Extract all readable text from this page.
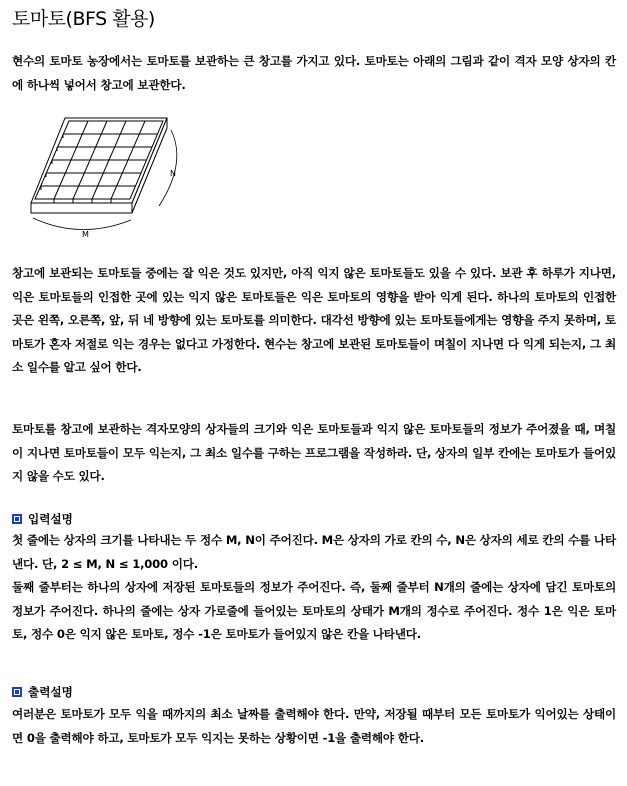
토마토(BFS 활용)

현수의 토마토 농장에서는 토마토를 보관하는 큰 창고를 가지고 있다. 토마토는 아래의 그림과 같이 격자 모양 상자의 칸에 하나씩 넣어서 창고에 보관한다.

M
N

창고에 보관되는 토마토들 중에는 잘 익은 것도 있지만, 아직 익지 않은 토마토들도 있을 수 있다. 보관 후 하루가 지나면, 익은 토마토들의 인접한 곳에 있는 익지 않은 토마토들은 익은 토마토의 영향을 받아 익게 된다. 하나의 토마토의 인접한 곳은 왼쪽, 오른쪽, 앞, 뒤 네 방향에 있는 토마토를 의미한다. 대각선 방향에 있는 토마토들에게는 영향을 주지 못하며, 토마토가 혼자 저절로 익는 경우는 없다고 가정한다. 현수는 창고에 보관된 토마토들이 며칠이 지나면 다 익게 되는지, 그 최소 일수를 알고 싶어 한다.

토마토를 창고에 보관하는 격자모양의 상자들의 크기와 익은 토마토들과 익지 않은 토마토들의 정보가 주어졌을 때, 며칠이 지나면 토마토들이 모두 익는지, 그 최소 일수를 구하는 프로그램을 작성하라. 단, 상자의 일부 칸에는 토마토가 들어있지 않을 수도 있다.

입력설명

첫 줄에는 상자의 크기를 나타내는 두 정수 M, N이 주어진다. M은 상자의 가로 칸의 수, N은 상자의 세로 칸의 수를 나타낸다. 단, 2 ≤ M, N ≤ 1,000 이다.

둘째 줄부터는 하나의 상자에 저장된 토마토들의 정보가 주어진다. 즉, 둘째 줄부터 N개의 줄에는 상자에 담긴 토마토의 정보가 주어진다. 하나의 줄에는 상자 가로줄에 들어있는 토마토의 상태가 M개의 정수로 주어진다. 정수 1은 익은 토마토, 정수 0은 익지 않은 토마토, 정수 -1은 토마토가 들어있지 않은 칸을 나타낸다.

출력설명

여러분은 토마토가 모두 익을 때까지의 최소 날짜를 출력해야 한다. 만약, 저장될 때부터 모든 토마토가 익어있는 상태이면 0을 출력해야 하고, 토마토가 모두 익지는 못하는 상황이면 -1을 출력해야 한다.
